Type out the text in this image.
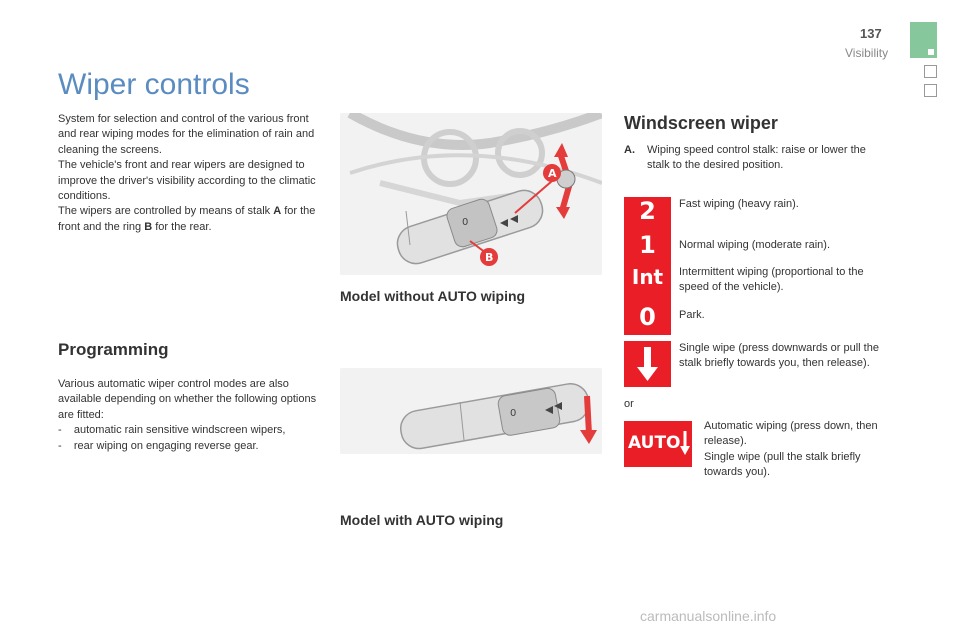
137
Visibility
Wiper controls

System for selection and control of the various front and rear wiping modes for the elimination of rain and cleaning the screens.

The vehicle's front and rear wipers are designed to improve the driver's visibility according to the climatic conditions.

The wipers are controlled by means of stalk A for the front and the ring B for the rear.

Programming

Various automatic wiper control modes are also available depending on whether the following options are fitted:

-    automatic rain sensitive windscreen wipers,
-    rear wiping on engaging reverse gear.
0
A
B
Model without AUTO wiping
0
Model with AUTO wiping
Windscreen wiper
A.	Wiping speed control stalk: raise or lower the stalk to the desired position.
2
1
Int
0
AUTO
Fast wiping (heavy rain).
Normal wiping (moderate rain).
Intermittent wiping (proportional to the speed of the vehicle).
Park.
Single wipe (press downwards or pull the stalk briefly towards you, then release).
or
Automatic wiping (press down, then release).
Single wipe (pull the stalk briefly towards you).
carmanualsonline.info
